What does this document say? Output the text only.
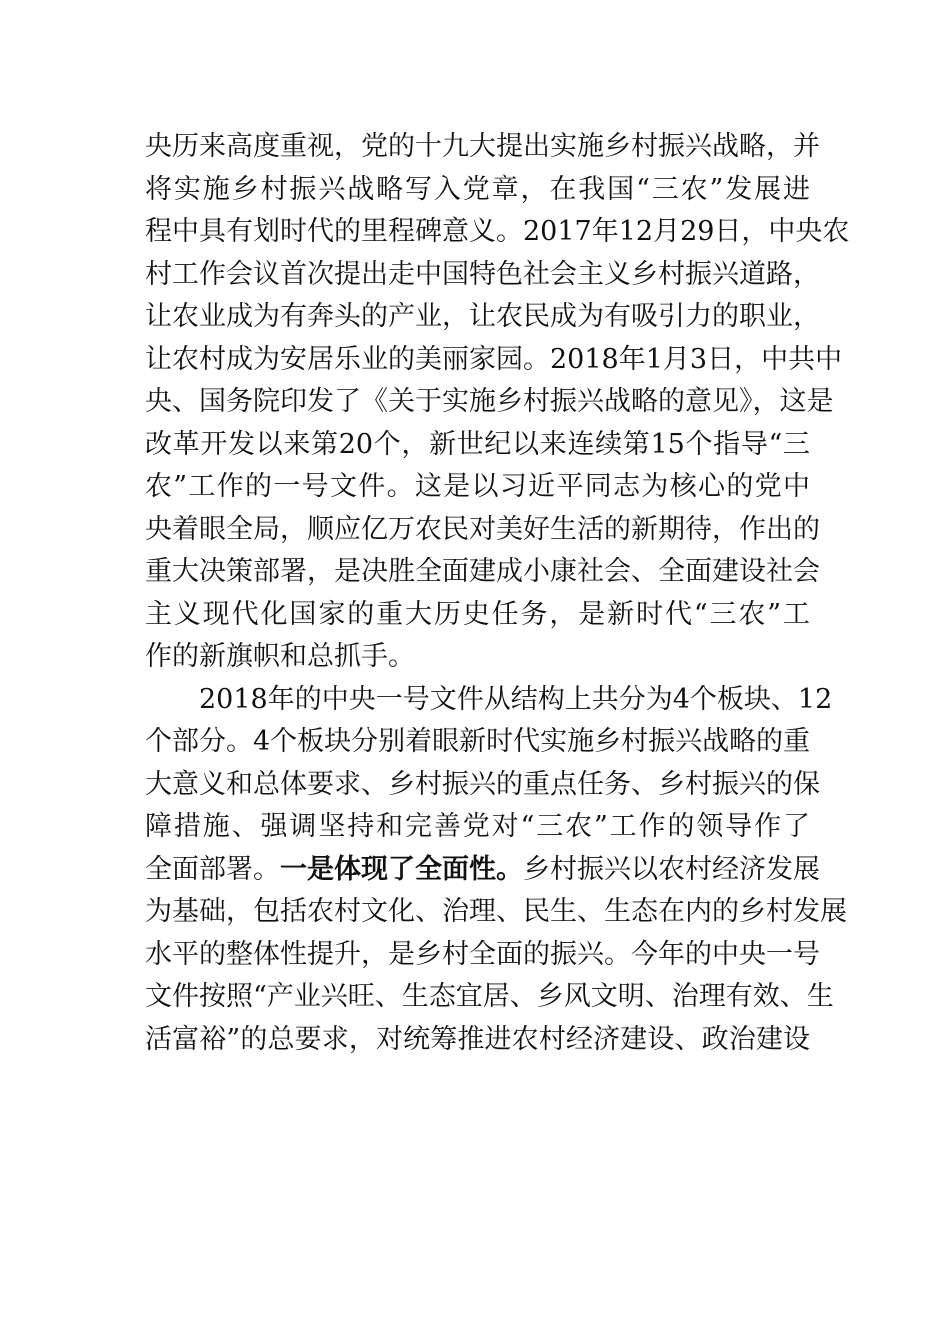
央历来高度重视，党的十九大提出实施乡村振兴战略，并
将实施乡村振兴战略写入党章，在我国“三农”发展进
程中具有划时代的里程碑意义。2017年12月29日，中央农
村工作会议首次提出走中国特色社会主义乡村振兴道路，
让农业成为有奔头的产业，让农民成为有吸引力的职业，
让农村成为安居乐业的美丽家园。2018年1月3日，中共中
央、国务院印发了《关于实施乡村振兴战略的意见》，这是
改革开发以来第20个，新世纪以来连续第15个指导“三
农”工作的一号文件。这是以习近平同志为核心的党中
央着眼全局，顺应亿万农民对美好生活的新期待，作出的
重大决策部署，是决胜全面建成小康社会、全面建设社会
主义现代化国家的重大历史任务，是新时代“三农”工
作的新旗帜和总抓手。
2018年的中央一号文件从结构上共分为4个板块、12
个部分。4个板块分别着眼新时代实施乡村振兴战略的重
大意义和总体要求、乡村振兴的重点任务、乡村振兴的保
障措施、强调坚持和完善党对“三农”工作的领导作了
全面部署。一是体现了全面性。乡村振兴以农村经济发展
为基础，包括农村文化、治理、民生、生态在内的乡村发展
水平的整体性提升，是乡村全面的振兴。今年的中央一号
文件按照“产业兴旺、生态宜居、乡风文明、治理有效、生
活富裕”的总要求，对统筹推进农村经济建设、政治建设
